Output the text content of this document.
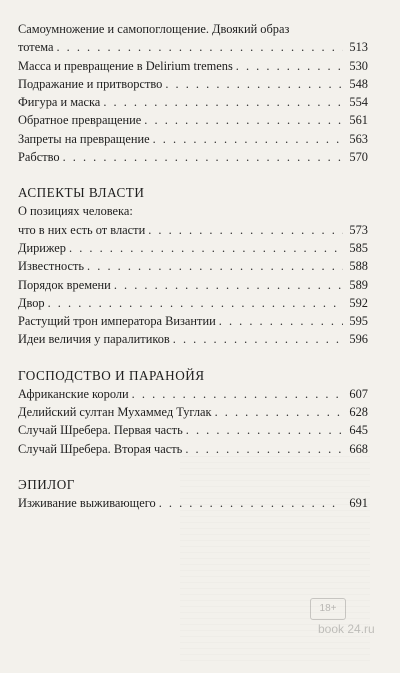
Самоумножение и самопоглощение. Двоякий образ
тотема . . .	513
Масса и превращение в Delirium tremens . . .	530
Подражание и притворство . . .	548
Фигура и маска . . .	554
Обратное превращение . . .	561
Запреты на превращение . . .	563
Рабство . . .	570
АСПЕКТЫ ВЛАСТИ
О позициях человека:
что в них есть от власти . . .	573
Дирижер . . .	585
Известность . . .	588
Порядок времени . . .	589
Двор . . .	592
Растущий трон императора Византии . . .	595
Идеи величия у паралитиков . . .	596
ГОСПОДСТВО И ПАРАНОЙЯ
Африканские короли . . .	607
Делийский султан Мухаммед Туглак . . .	628
Случай Шребера. Первая часть . . .	645
Случай Шребера. Вторая часть . . .	668
ЭПИЛОГ
Изживание выживающего . . .	691
18+
book 24.ru
